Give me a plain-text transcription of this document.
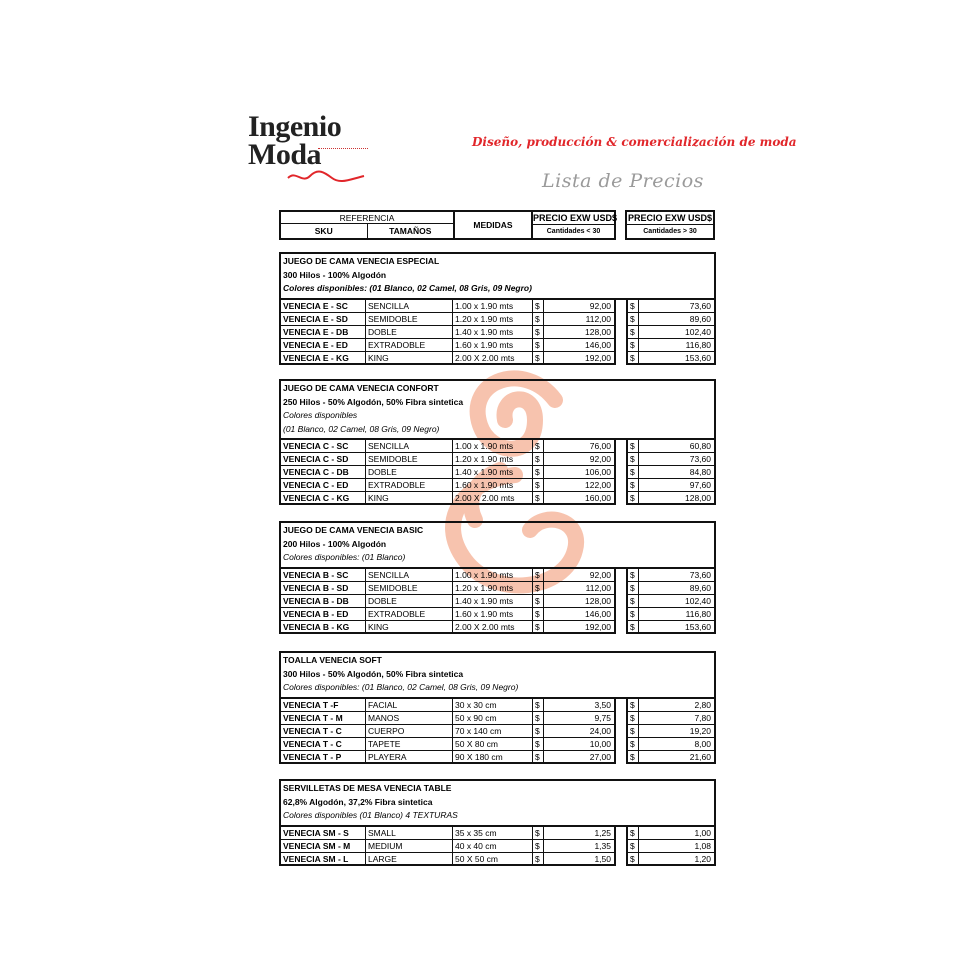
Ingenio
Moda	Diseño, producción & comercialización de moda
Lista de Precios
REFERENCIA
SKU	TAMAÑOS
MEDIDAS
PRECIO EXW USD$
Cantidades < 30
PRECIO EXW USD$
Cantidades > 30
JUEGO DE CAMA VENECIA ESPECIAL
300 Hilos - 100% Algodón
Colores disponibles: (01 Blanco, 02 Camel, 08 Gris, 09 Negro)
VENECIA E - SC	SENCILLA	1.00 x 1.90 mts	$	92,00 $	73,60
VENECIA E - SD	SEMIDOBLE	1.20 x 1.90 mts	$	112,00 $	89,60
VENECIA E - DB	DOBLE	1.40 x 1.90 mts	$	128,00 $	102,40
VENECIA E - ED	EXTRADOBLE	1.60 x 1.90 mts	$	146,00 $	116,80
VENECIA E - KG	KING	2.00 X 2.00 mts	$	192,00 $	153,60
JUEGO DE CAMA VENECIA CONFORT
250 Hilos - 50% Algodón, 50% Fibra sintetica
Colores disponibles
(01 Blanco, 02 Camel, 08 Gris, 09 Negro)
VENECIA C - SC	SENCILLA	1.00 x 1.90 mts	$	76,00 $	60,80
VENECIA C - SD	SEMIDOBLE	1.20 x 1.90 mts	$	92,00 $	73,60
VENECIA C - DB	DOBLE	1.40 x 1.90 mts	$	106,00 $	84,80
VENECIA C - ED	EXTRADOBLE	1.60 x 1.90 mts	$	122,00 $	97,60
VENECIA C - KG	KING	2.00 X 2.00 mts	$	160,00 $	128,00
JUEGO DE CAMA VENECIA BASIC
200 Hilos - 100% Algodón
Colores disponibles: (01 Blanco)
VENECIA B - SC	SENCILLA	1.00 x 1.90 mts	$	92,00 $	73,60
VENECIA B - SD	SEMIDOBLE	1.20 x 1.90 mts	$	112,00 $	89,60
VENECIA B - DB	DOBLE	1.40 x 1.90 mts	$	128,00 $	102,40
VENECIA B - ED	EXTRADOBLE	1.60 x 1.90 mts	$	146,00 $	116,80
VENECIA B - KG	KING	2.00 X 2.00 mts	$	192,00 $	153,60
TOALLA VENECIA SOFT
300 Hilos - 50% Algodón, 50% Fibra sintetica
Colores disponibles: (01 Blanco, 02 Camel, 08 Gris, 09 Negro)
VENECIA T -F	FACIAL	30 x 30 cm	$	3,50 $	2,80
VENECIA T - M	MANOS	50 x 90 cm	$	9,75 $	7,80
VENECIA T - C	CUERPO	70 x 140 cm	$	24,00 $	19,20
VENECIA T - C	TAPETE	50 X 80 cm	$	10,00 $	8,00
VENECIA T - P	PLAYERA	90 X 180 cm	$	27,00 $	21,60
SERVILLETAS DE MESA VENECIA TABLE
62,8% Algodón, 37,2% Fibra sintetica
Colores disponibles (01 Blanco) 4 TEXTURAS
VENECIA SM - S	SMALL	35 x 35 cm	$	1,25 $	1,00
VENECIA SM - M	MEDIUM	40 x 40 cm	$	1,35 $	1,08
VENECIA SM - L	LARGE	50 X 50 cm	$	1,50 $	1,20
